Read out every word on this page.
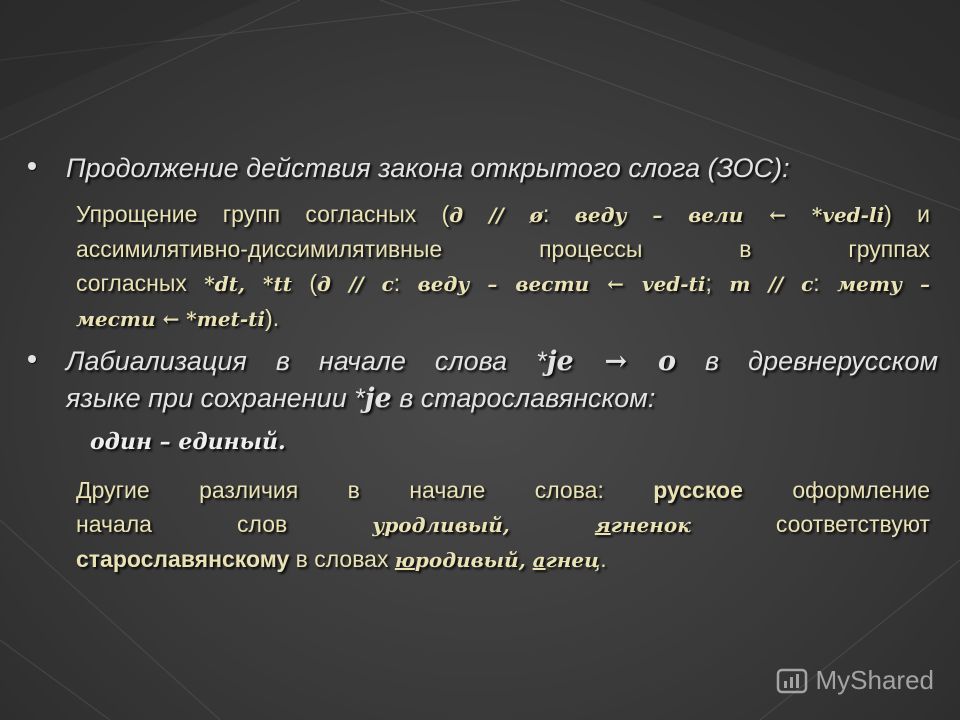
Продолжение действия закона открытого слога (ЗОС):
Упрощение групп согласных (д // ø: веду – вели ← *ved-li) и
ассимилятивно-диссимилятивные процессы в группах
согласных *dt, *tt (д // с: веду – вести ← ved-ti; т // с: мету –
мести ← *met-ti).
Лабиализация в начале слова *je → o в древнерусском
языке при сохранении *je в старославянском:
один – единый.
Другие различия в начале слова: русское оформление
начала слов уродливый,	ягненок	соответствуют
старославянскому в словах юродивый, агнец.
MyShared
